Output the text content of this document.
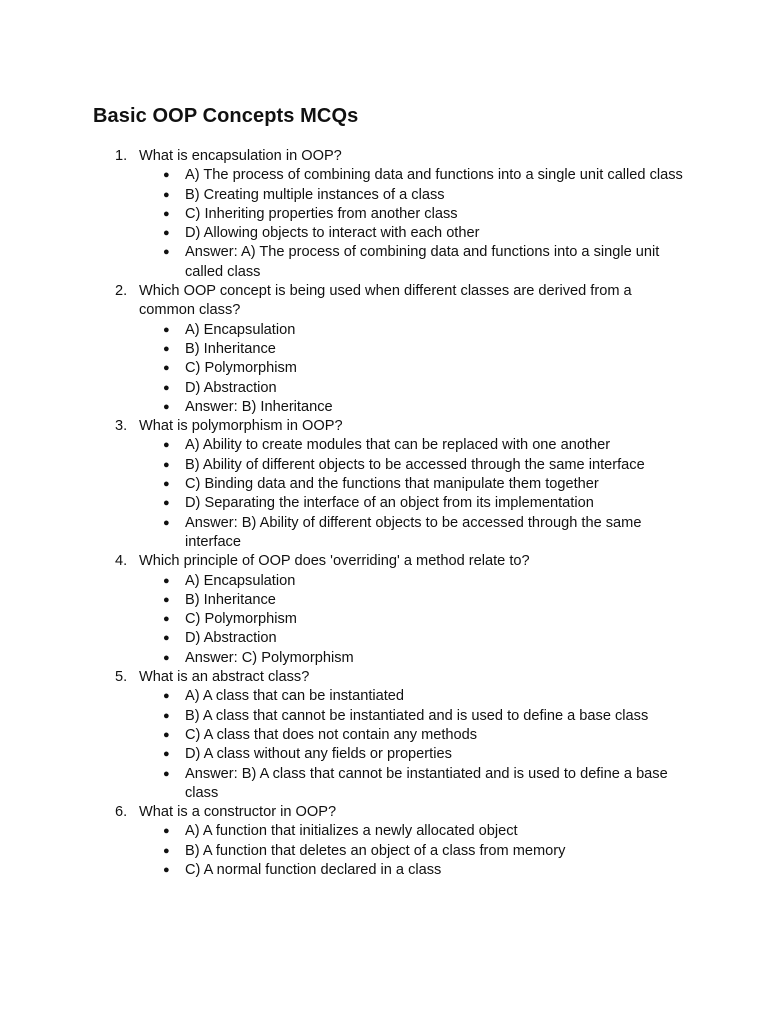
Basic OOP Concepts MCQs
1. What is encapsulation in OOP?
● A) The process of combining data and functions into a single unit called class
● B) Creating multiple instances of a class
● C) Inheriting properties from another class
● D) Allowing objects to interact with each other
● Answer: A) The process of combining data and functions into a single unit called class
2. Which OOP concept is being used when different classes are derived from a common class?
● A) Encapsulation
● B) Inheritance
● C) Polymorphism
● D) Abstraction
● Answer: B) Inheritance
3. What is polymorphism in OOP?
● A) Ability to create modules that can be replaced with one another
● B) Ability of different objects to be accessed through the same interface
● C) Binding data and the functions that manipulate them together
● D) Separating the interface of an object from its implementation
● Answer: B) Ability of different objects to be accessed through the same interface
4. Which principle of OOP does 'overriding' a method relate to?
● A) Encapsulation
● B) Inheritance
● C) Polymorphism
● D) Abstraction
● Answer: C) Polymorphism
5. What is an abstract class?
● A) A class that can be instantiated
● B) A class that cannot be instantiated and is used to define a base class
● C) A class that does not contain any methods
● D) A class without any fields or properties
● Answer: B) A class that cannot be instantiated and is used to define a base class
6. What is a constructor in OOP?
● A) A function that initializes a newly allocated object
● B) A function that deletes an object of a class from memory
● C) A normal function declared in a class
